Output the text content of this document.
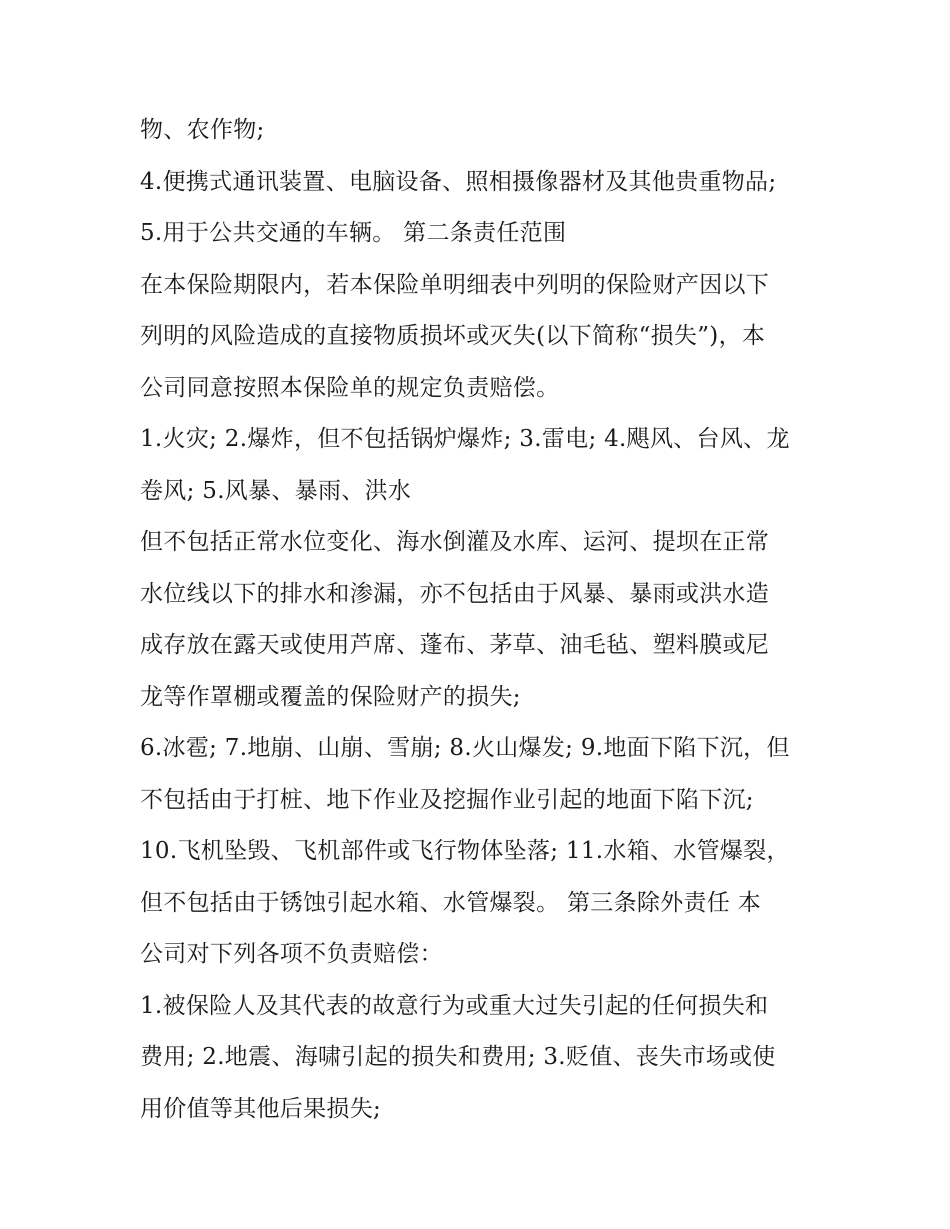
物、农作物;
4.便携式通讯装置、电脑设备、照相摄像器材及其他贵重物品;
5.用于公共交通的车辆。 第二条责任范围
在本保险期限内，若本保险单明细表中列明的保险财产因以下
列明的风险造成的直接物质损坏或灭失(以下简称“损失”)，本
公司同意按照本保险单的规定负责赔偿。
1.火灾; 2.爆炸，但不包括锅炉爆炸; 3.雷电; 4.飓风、台风、龙
卷风; 5.风暴、暴雨、洪水
但不包括正常水位变化、海水倒灌及水库、运河、提坝在正常
水位线以下的排水和渗漏，亦不包括由于风暴、暴雨或洪水造
成存放在露天或使用芦席、蓬布、茅草、油毛毡、塑料膜或尼
龙等作罩棚或覆盖的保险财产的损失;
6.冰雹; 7.地崩、山崩、雪崩; 8.火山爆发; 9.地面下陷下沉，但
不包括由于打桩、地下作业及挖掘作业引起的地面下陷下沉;
10.飞机坠毁、飞机部件或飞行物体坠落; 11.水箱、水管爆裂，
但不包括由于锈蚀引起水箱、水管爆裂。 第三条除外责任 本
公司对下列各项不负责赔偿：
1.被保险人及其代表的故意行为或重大过失引起的任何损失和
费用; 2.地震、海啸引起的损失和费用; 3.贬值、丧失市场或使
用价值等其他后果损失;
